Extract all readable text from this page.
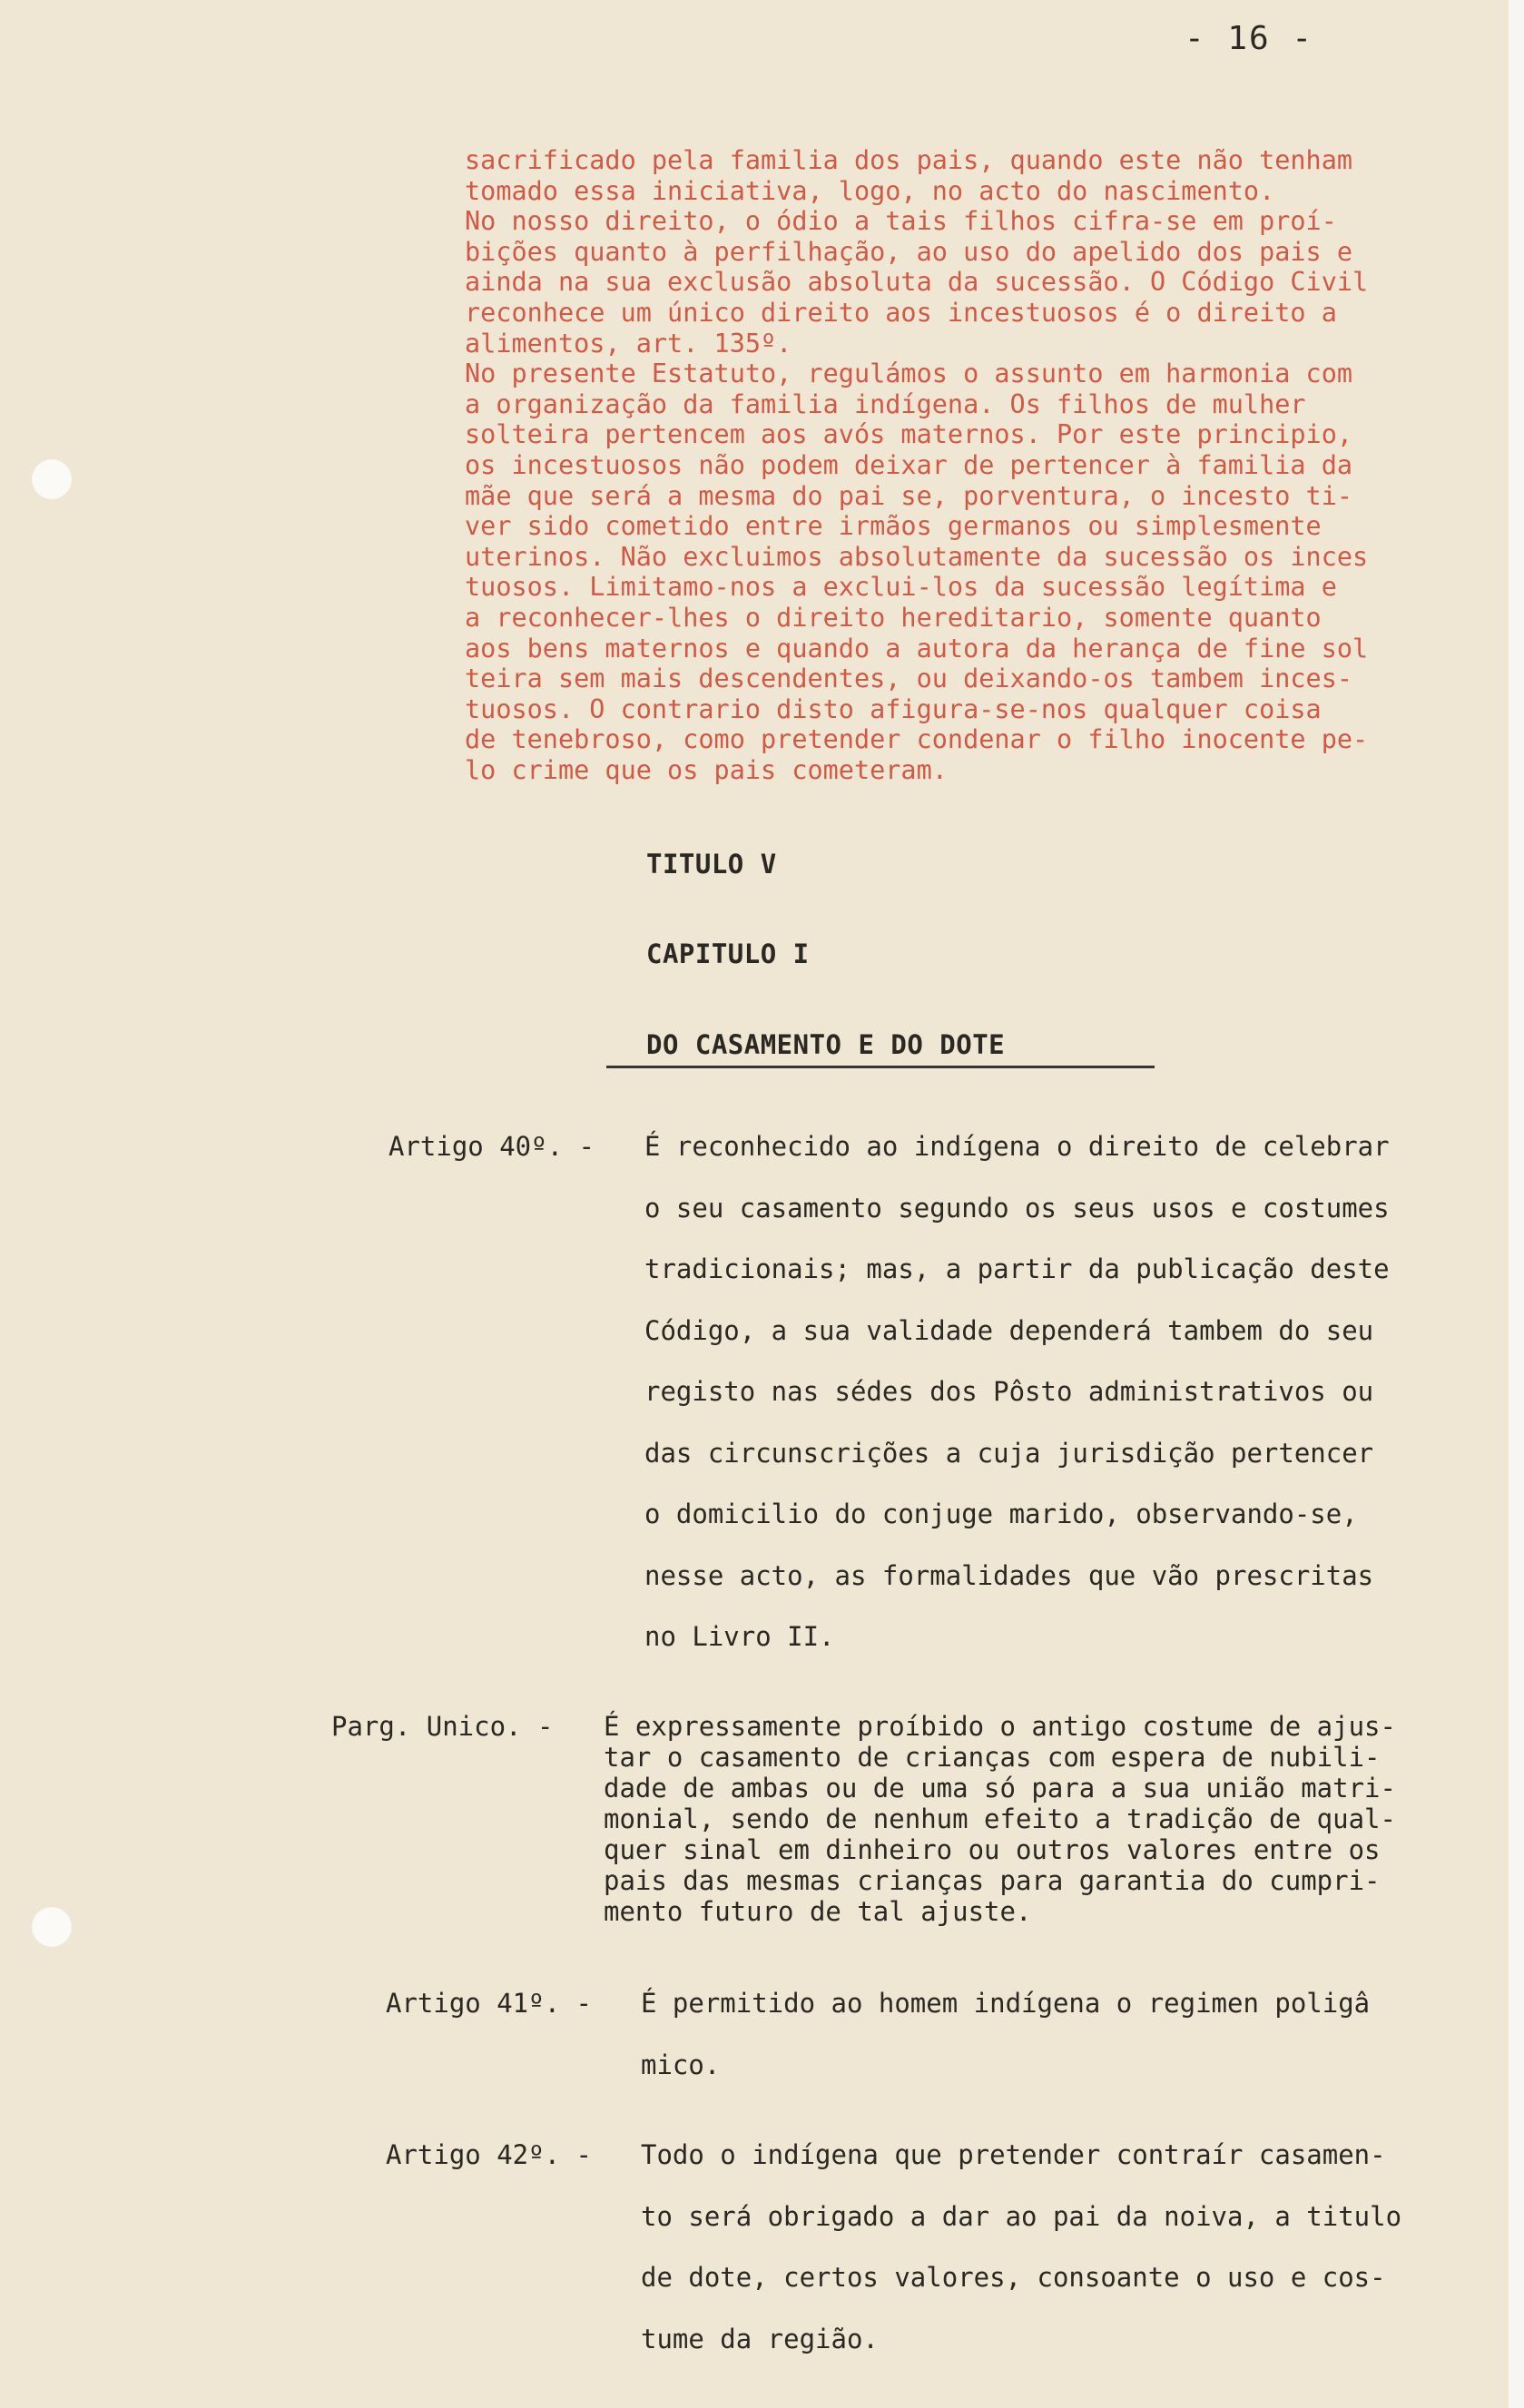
- 16 -
sacrificado pela familia dos pais, quando este não tenham
tomado essa iniciativa, logo, no acto do nascimento.
No nosso direito, o ódio a tais filhos cifra-se em proí-
bições quanto à perfilhação, ao uso do apelido dos pais e
ainda na sua exclusão absoluta da sucessão. O Código Civil
reconhece um único direito aos incestuosos é o direito a
alimentos, art. 135º.
No presente Estatuto, regulámos o assunto em harmonia com
a organização da familia indígena. Os filhos de mulher
solteira pertencem aos avós maternos. Por este principio,
os incestuosos não podem deixar de pertencer à familia da
mãe que será a mesma do pai se, porventura, o incesto ti-
ver sido cometido entre irmãos germanos ou simplesmente
uterinos. Não excluimos absolutamente da sucessão os inces
tuosos. Limitamo-nos a exclui-los da sucessão legítima e
a reconhecer-lhes o direito hereditario, somente quanto
aos bens maternos e quando a autora da herança de fine sol
teira sem mais descendentes, ou deixando-os tambem inces-
tuosos. O contrario disto afigura-se-nos qualquer coisa
de tenebroso, como pretender condenar o filho inocente pe-
lo crime que os pais cometeram.
TITULO V
CAPITULO I
DO CASAMENTO E DO DOTE
Artigo 40º. - É reconhecido ao indígena o direito de celebrar
o seu casamento segundo os seus usos e costumes
tradicionais; mas, a partir da publicação deste
Código, a sua validade dependerá tambem do seu
registo nas sédes dos Pôsto administrativos ou
das circunscrições a cuja jurisdição pertencer
o domicilio do conjuge marido, observando-se,
nesse acto, as formalidades que vão prescritas
no Livro II.
Parg. Unico. - É expressamente proíbido o antigo costume de ajus-
tar o casamento de crianças com espera de nubili-
dade de ambas ou de uma só para a sua união matri-
monial, sendo de nenhum efeito a tradição de qual-
quer sinal em dinheiro ou outros valores entre os
pais das mesmas crianças para garantia do cumpri-
mento futuro de tal ajuste.
Artigo 41º. - É permitido ao homem indígena o regimen poligâ
mico.
Artigo 42º. - Todo o indígena que pretender contraír casamen-
to será obrigado a dar ao pai da noiva, a titulo
de dote, certos valores, consoante o uso e cos-
tume da região.
